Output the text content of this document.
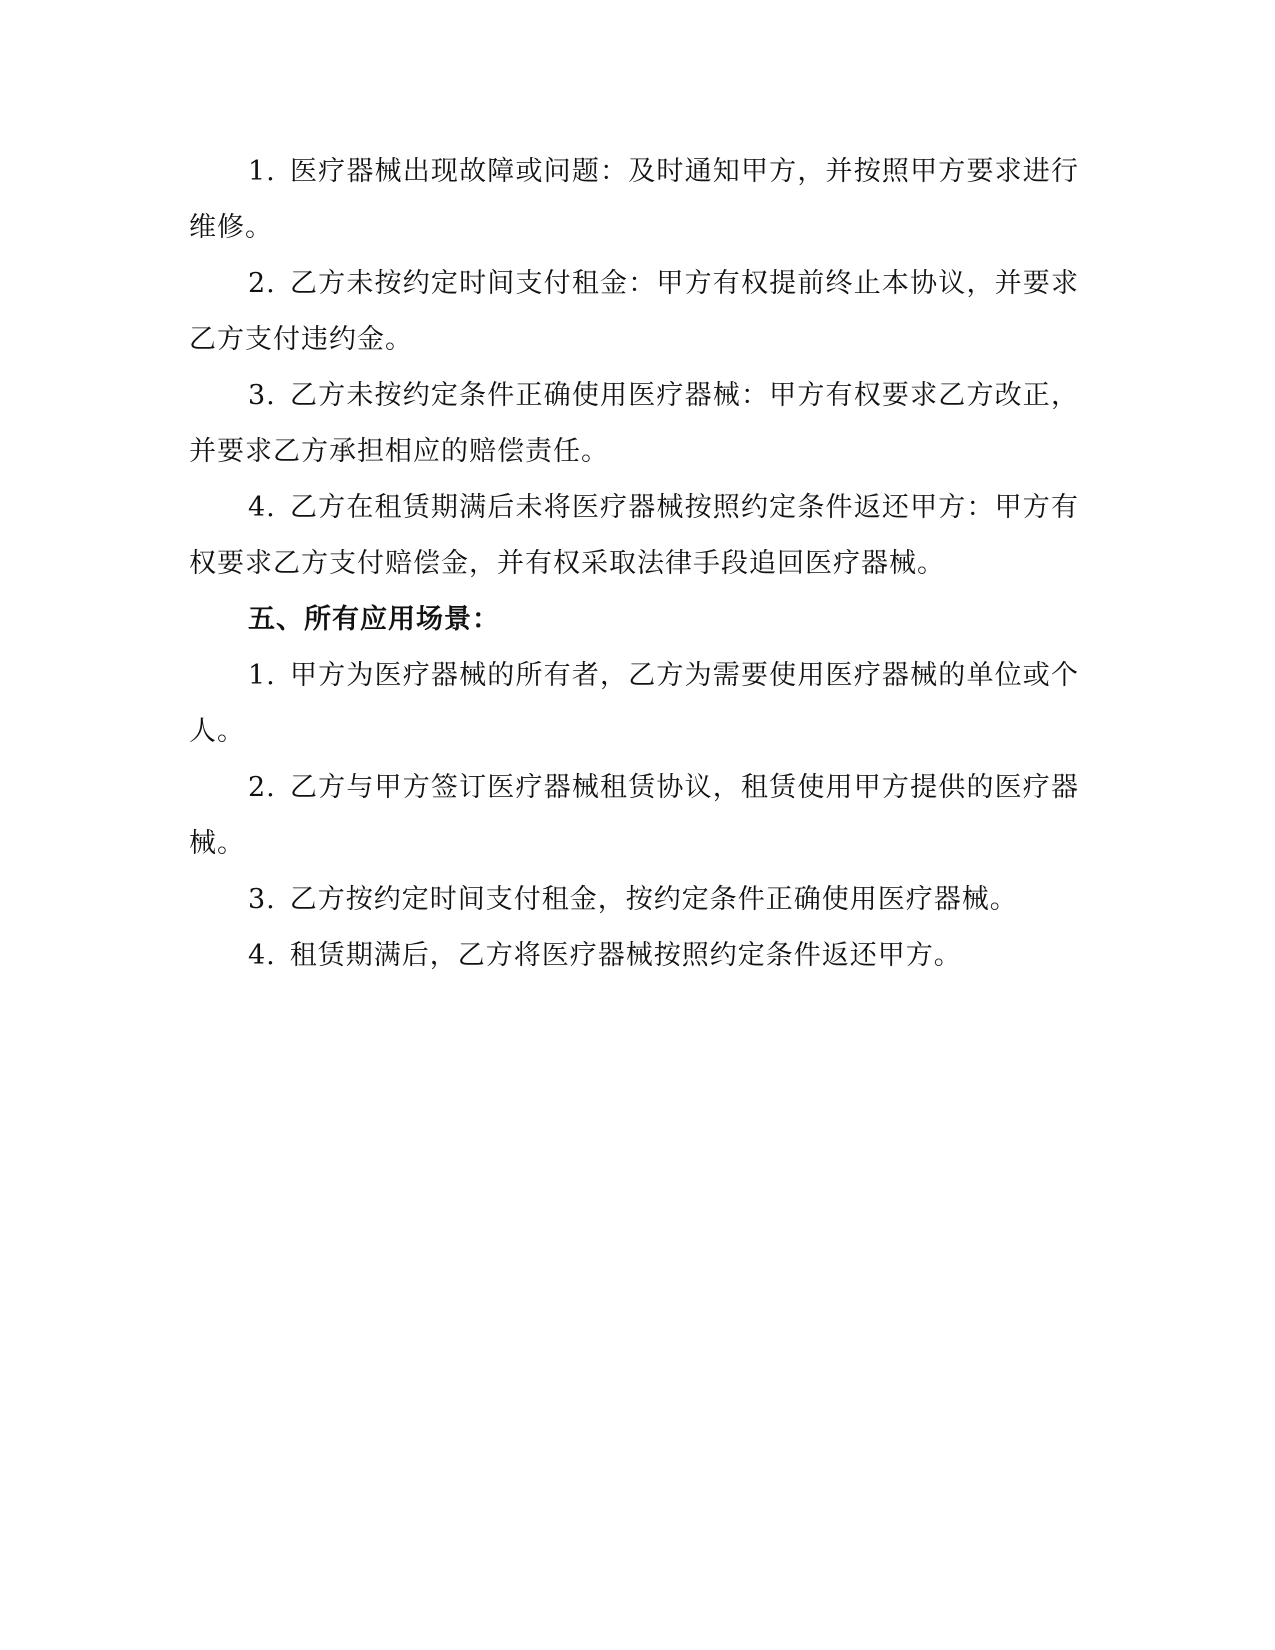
1. 医疗器械出现故障或问题：及时通知甲方，并按照甲方要求进行维修。

2. 乙方未按约定时间支付租金：甲方有权提前终止本协议，并要求乙方支付违约金。

3. 乙方未按约定条件正确使用医疗器械：甲方有权要求乙方改正，并要求乙方承担相应的赔偿责任。

4. 乙方在租赁期满后未将医疗器械按照约定条件返还甲方：甲方有权要求乙方支付赔偿金，并有权采取法律手段追回医疗器械。

五、所有应用场景：

1. 甲方为医疗器械的所有者，乙方为需要使用医疗器械的单位或个人。

2. 乙方与甲方签订医疗器械租赁协议，租赁使用甲方提供的医疗器械。

3. 乙方按约定时间支付租金，按约定条件正确使用医疗器械。

4. 租赁期满后，乙方将医疗器械按照约定条件返还甲方。
